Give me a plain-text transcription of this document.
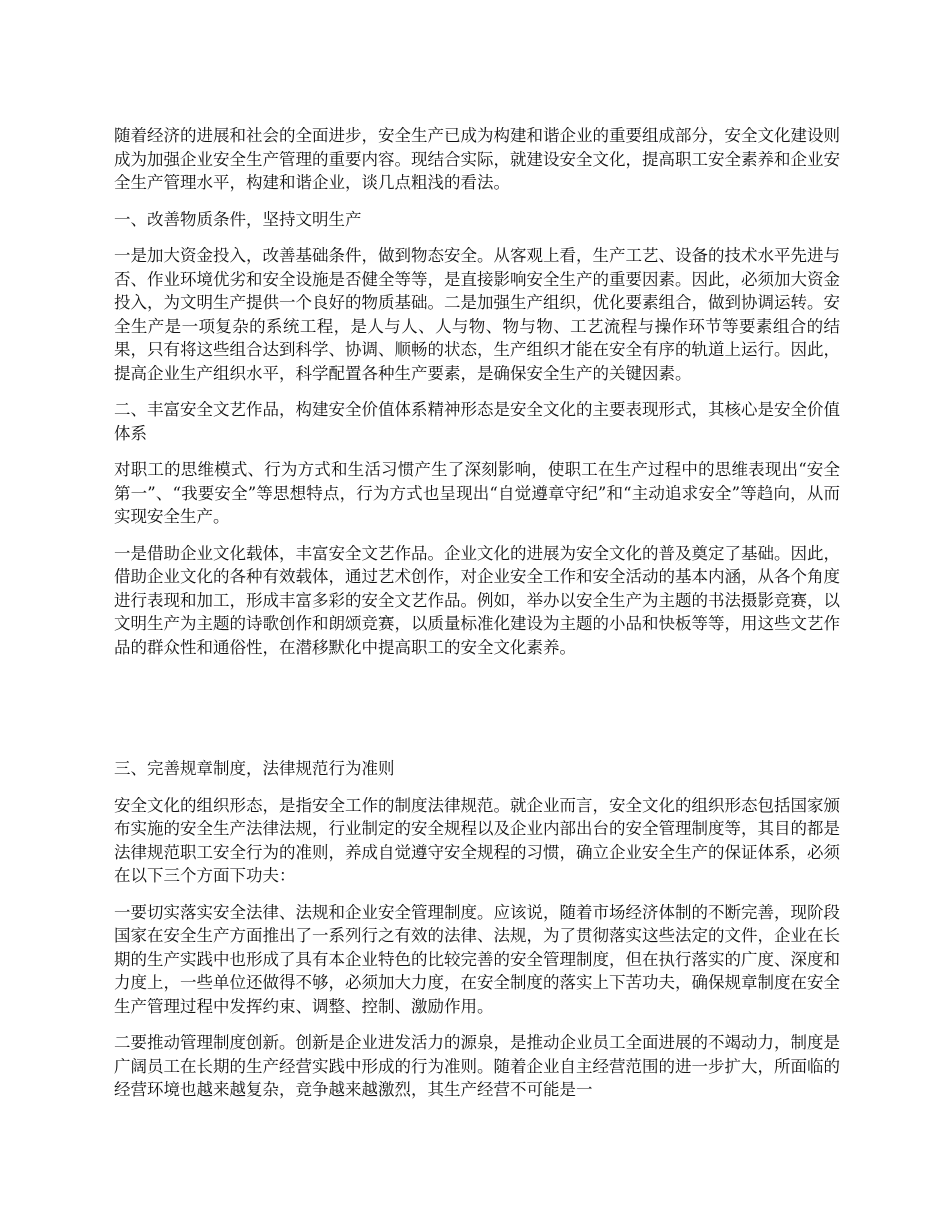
随着经济的进展和社会的全面进步，安全生产已成为构建和谐企业的重要组成部分，安全文化建设则成为加强企业安全生产管理的重要内容。现结合实际，就建设安全文化，提高职工安全素养和企业安全生产管理水平，构建和谐企业，谈几点粗浅的看法。

一、改善物质条件，坚持文明生产

一是加大资金投入，改善基础条件，做到物态安全。从客观上看，生产工艺、设备的技术水平先进与否、作业环境优劣和安全设施是否健全等等，是直接影响安全生产的重要因素。因此，必须加大资金投入，为文明生产提供一个良好的物质基础。二是加强生产组织，优化要素组合，做到协调运转。安全生产是一项复杂的系统工程，是人与人、人与物、物与物、工艺流程与操作环节等要素组合的结果，只有将这些组合达到科学、协调、顺畅的状态，生产组织才能在安全有序的轨道上运行。因此，提高企业生产组织水平，科学配置各种生产要素，是确保安全生产的关键因素。

二、丰富安全文艺作品，构建安全价值体系精神形态是安全文化的主要表现形式，其核心是安全价值体系

对职工的思维模式、行为方式和生活习惯产生了深刻影响，使职工在生产过程中的思维表现出“安全第一”、“我要安全”等思想特点，行为方式也呈现出“自觉遵章守纪”和“主动追求安全”等趋向，从而实现安全生产。

一是借助企业文化载体，丰富安全文艺作品。企业文化的进展为安全文化的普及奠定了基础。因此，借助企业文化的各种有效载体，通过艺术创作，对企业安全工作和安全活动的基本内涵，从各个角度进行表现和加工，形成丰富多彩的安全文艺作品。例如，举办以安全生产为主题的书法摄影竞赛，以文明生产为主题的诗歌创作和朗颂竞赛，以质量标准化建设为主题的小品和快板等等，用这些文艺作品的群众性和通俗性，在潜移默化中提高职工的安全文化素养。

三、完善规章制度，法律规范行为准则

安全文化的组织形态，是指安全工作的制度法律规范。就企业而言，安全文化的组织形态包括国家颁布实施的安全生产法律法规，行业制定的安全规程以及企业内部出台的安全管理制度等，其目的都是法律规范职工安全行为的准则，养成自觉遵守安全规程的习惯，确立企业安全生产的保证体系，必须在以下三个方面下功夫：

一要切实落实安全法律、法规和企业安全管理制度。应该说，随着市场经济体制的不断完善，现阶段国家在安全生产方面推出了一系列行之有效的法律、法规，为了贯彻落实这些法定的文件，企业在长期的生产实践中也形成了具有本企业特色的比较完善的安全管理制度，但在执行落实的广度、深度和力度上，一些单位还做得不够，必须加大力度，在安全制度的落实上下苦功夫，确保规章制度在安全生产管理过程中发挥约束、调整、控制、激励作用。

二要推动管理制度创新。创新是企业进发活力的源泉，是推动企业员工全面进展的不竭动力，制度是广阔员工在长期的生产经营实践中形成的行为准则。随着企业自主经营范围的进一步扩大，所面临的经营环境也越来越复杂，竞争越来越激烈，其生产经营不可能是一
